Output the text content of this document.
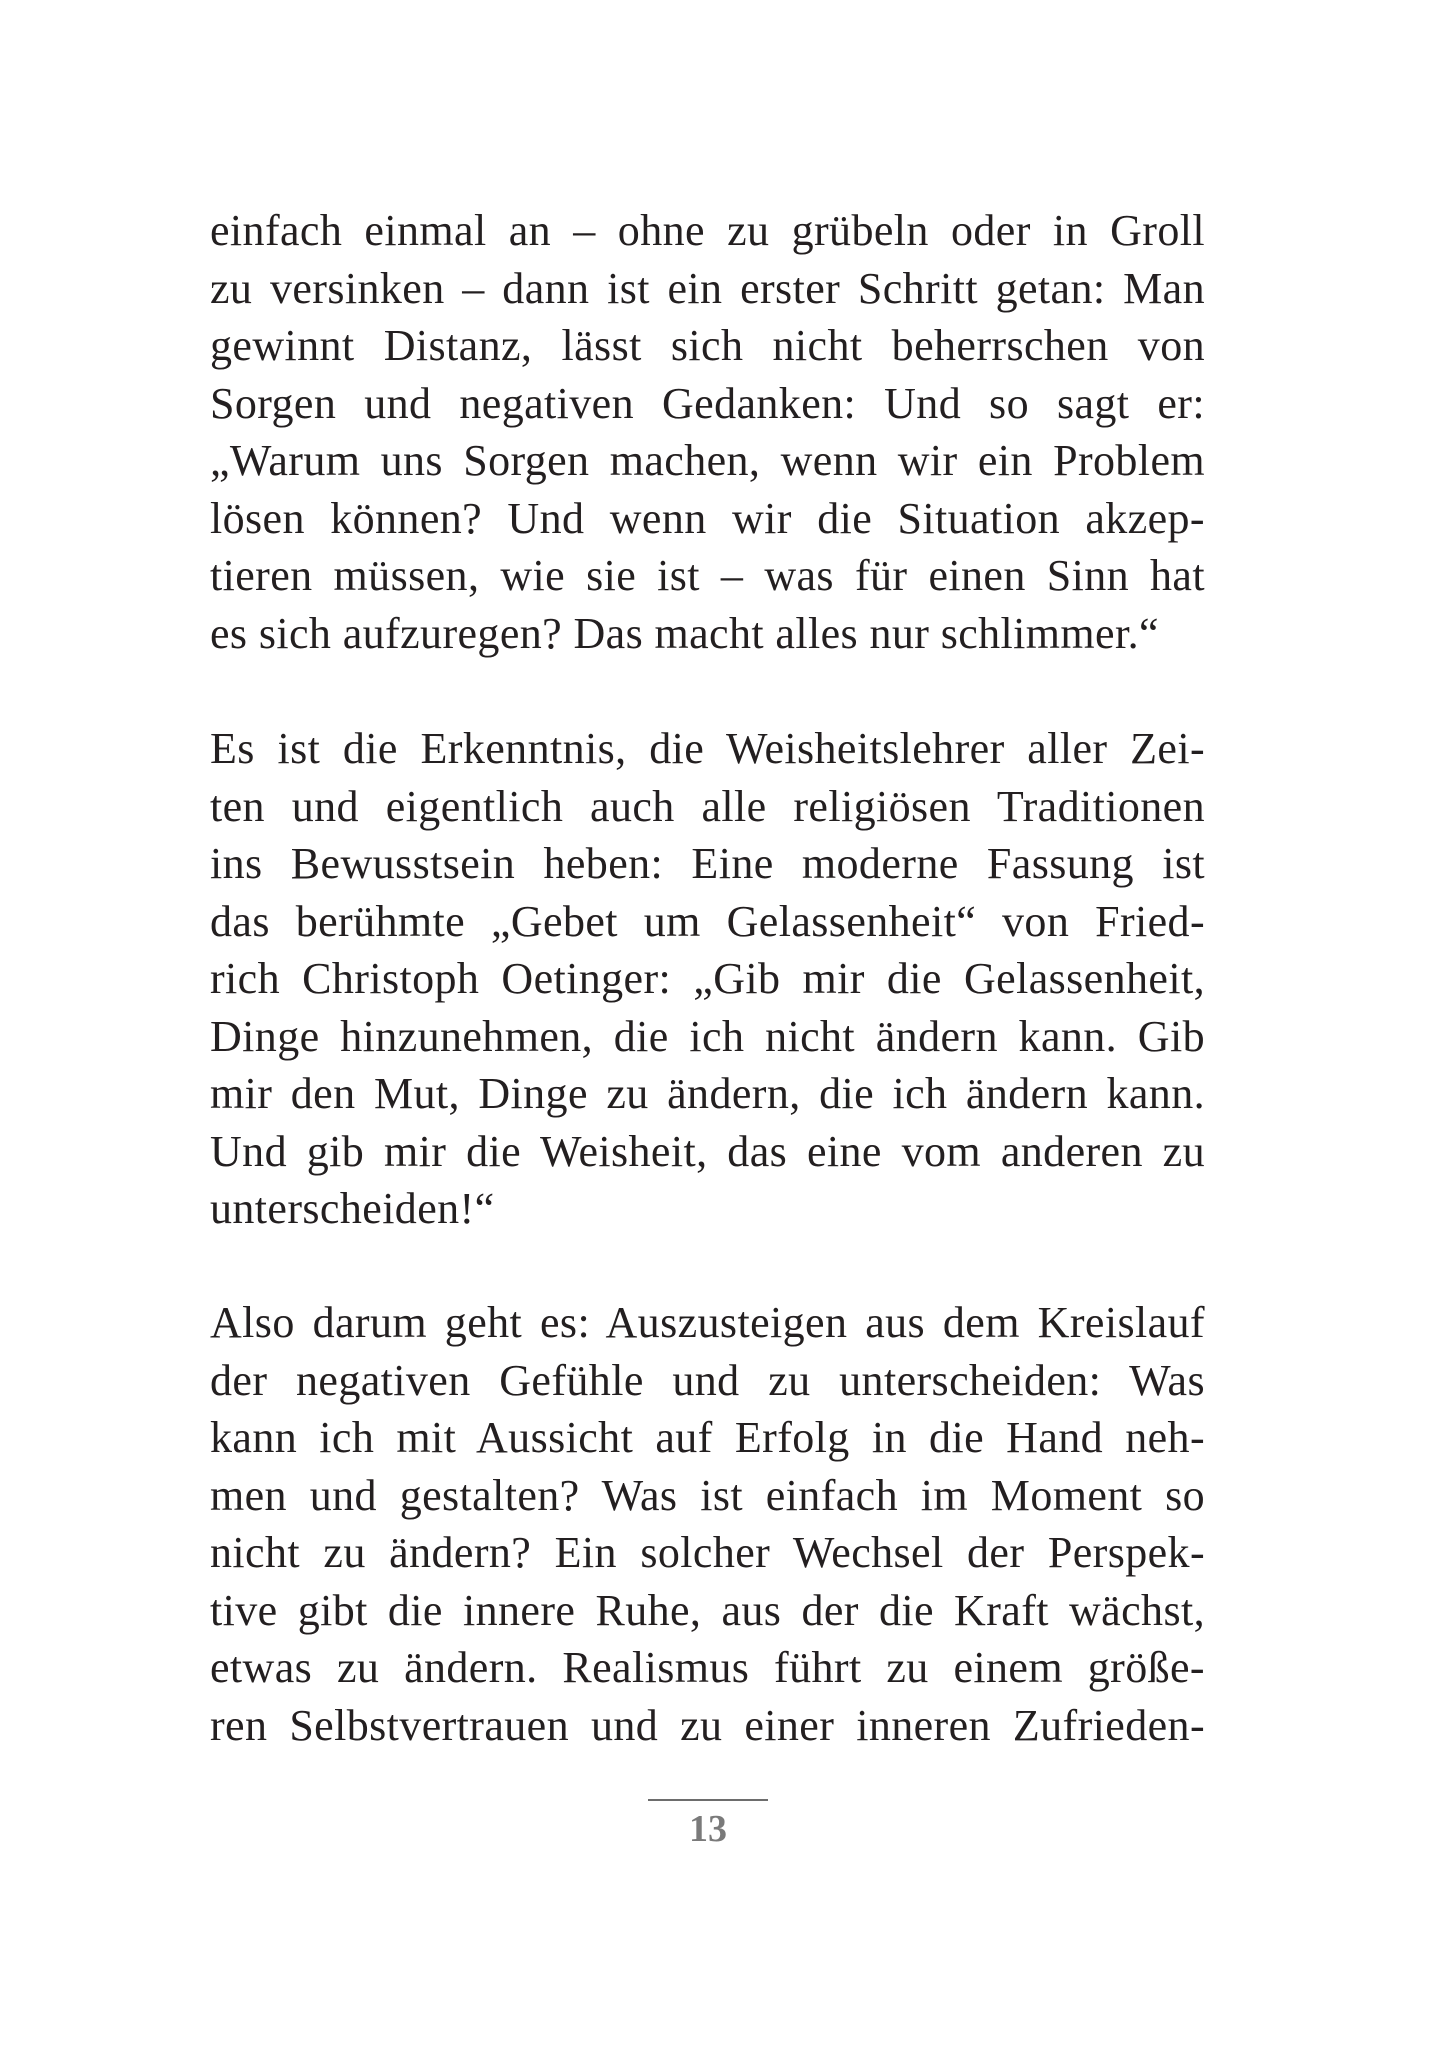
einfach einmal an – ohne zu grübeln oder in Groll
zu versinken – dann ist ein erster Schritt getan: Man
gewinnt Distanz, lässt sich nicht beherrschen von
Sorgen und negativen Gedanken: Und so sagt er:
„Warum uns Sorgen machen, wenn wir ein Problem
lösen können? Und wenn wir die Situation akzep-
tieren müssen, wie sie ist – was für einen Sinn hat
es sich aufzuregen? Das macht alles nur schlimmer.“
Es ist die Erkenntnis, die Weisheitslehrer aller Zei-
ten und eigentlich auch alle religiösen Traditionen
ins Bewusstsein heben: Eine moderne Fassung ist
das berühmte „Gebet um Gelassenheit“ von Fried-
rich Christoph Oetinger: „Gib mir die Gelassenheit,
Dinge hinzunehmen, die ich nicht ändern kann. Gib
mir den Mut, Dinge zu ändern, die ich ändern kann.
Und gib mir die Weisheit, das eine vom anderen zu
unterscheiden!“
Also darum geht es: Auszusteigen aus dem Kreislauf
der negativen Gefühle und zu unterscheiden: Was
kann ich mit Aussicht auf Erfolg in die Hand neh-
men und gestalten? Was ist einfach im Moment so
nicht zu ändern? Ein solcher Wechsel der Perspek-
tive gibt die innere Ruhe, aus der die Kraft wächst,
etwas zu ändern. Realismus führt zu einem größe-
ren Selbstvertrauen und zu einer inneren Zufrieden-
13
